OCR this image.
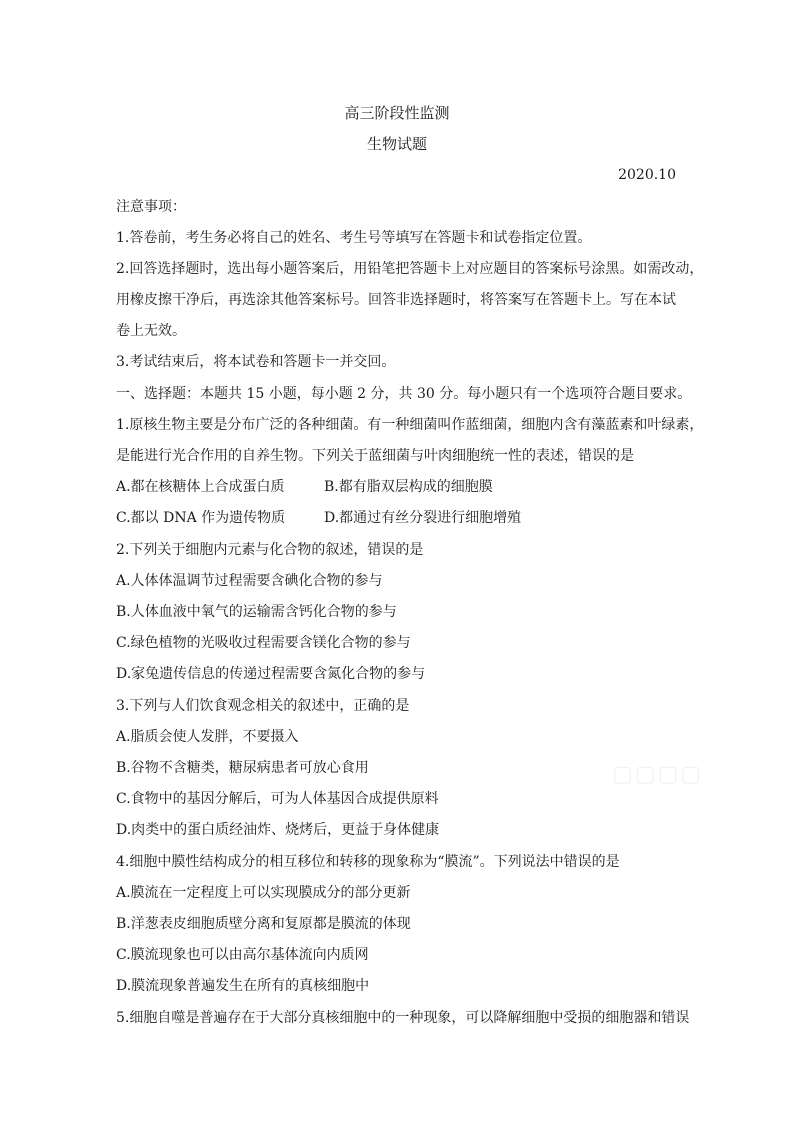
高三阶段性监测
生物试题
2020.10
注意事项：
1.答卷前，考生务必将自己的姓名、考生号等填写在答题卡和试卷指定位置。
2.回答选择题时，选出每小题答案后，用铅笔把答题卡上对应题目的答案标号涂黑。如需改动，
用橡皮擦干净后，再选涂其他答案标号。回答非选择题时，将答案写在答题卡上。写在本试
卷上无效。
3.考试结束后，将本试卷和答题卡一并交回。
一、选择题：本题共 15 小题，每小题 2 分，共 30 分。每小题只有一个选项符合题目要求。
1.原核生物主要是分布广泛的各种细菌。有一种细菌叫作蓝细菌，细胞内含有藻蓝素和叶绿素，
是能进行光合作用的自养生物。下列关于蓝细菌与叶肉细胞统一性的表述，错误的是
A.都在核糖体上合成蛋白质	B.都有脂双层构成的细胞膜
C.都以 DNA 作为遗传物质	D.都通过有丝分裂进行细胞增殖
2.下列关于细胞内元素与化合物的叙述，错误的是
A.人体体温调节过程需要含碘化合物的参与
B.人体血液中氧气的运输需含钙化合物的参与
C.绿色植物的光吸收过程需要含镁化合物的参与
D.家兔遗传信息的传递过程需要含氮化合物的参与
3.下列与人们饮食观念相关的叙述中，正确的是
A.脂质会使人发胖，不要摄入
B.谷物不含糖类，糖尿病患者可放心食用
C.食物中的基因分解后，可为人体基因合成提供原料
D.肉类中的蛋白质经油炸、烧烤后，更益于身体健康
4.细胞中膜性结构成分的相互移位和转移的现象称为“膜流”。下列说法中错误的是
A.膜流在一定程度上可以实现膜成分的部分更新
B.洋葱表皮细胞质壁分离和复原都是膜流的体现
C.膜流现象也可以由高尔基体流向内质网
D.膜流现象普遍发生在所有的真核细胞中
5.细胞自噬是普遍存在于大部分真核细胞中的一种现象，可以降解细胞中受损的细胞器和错误
▢▢▢▢
